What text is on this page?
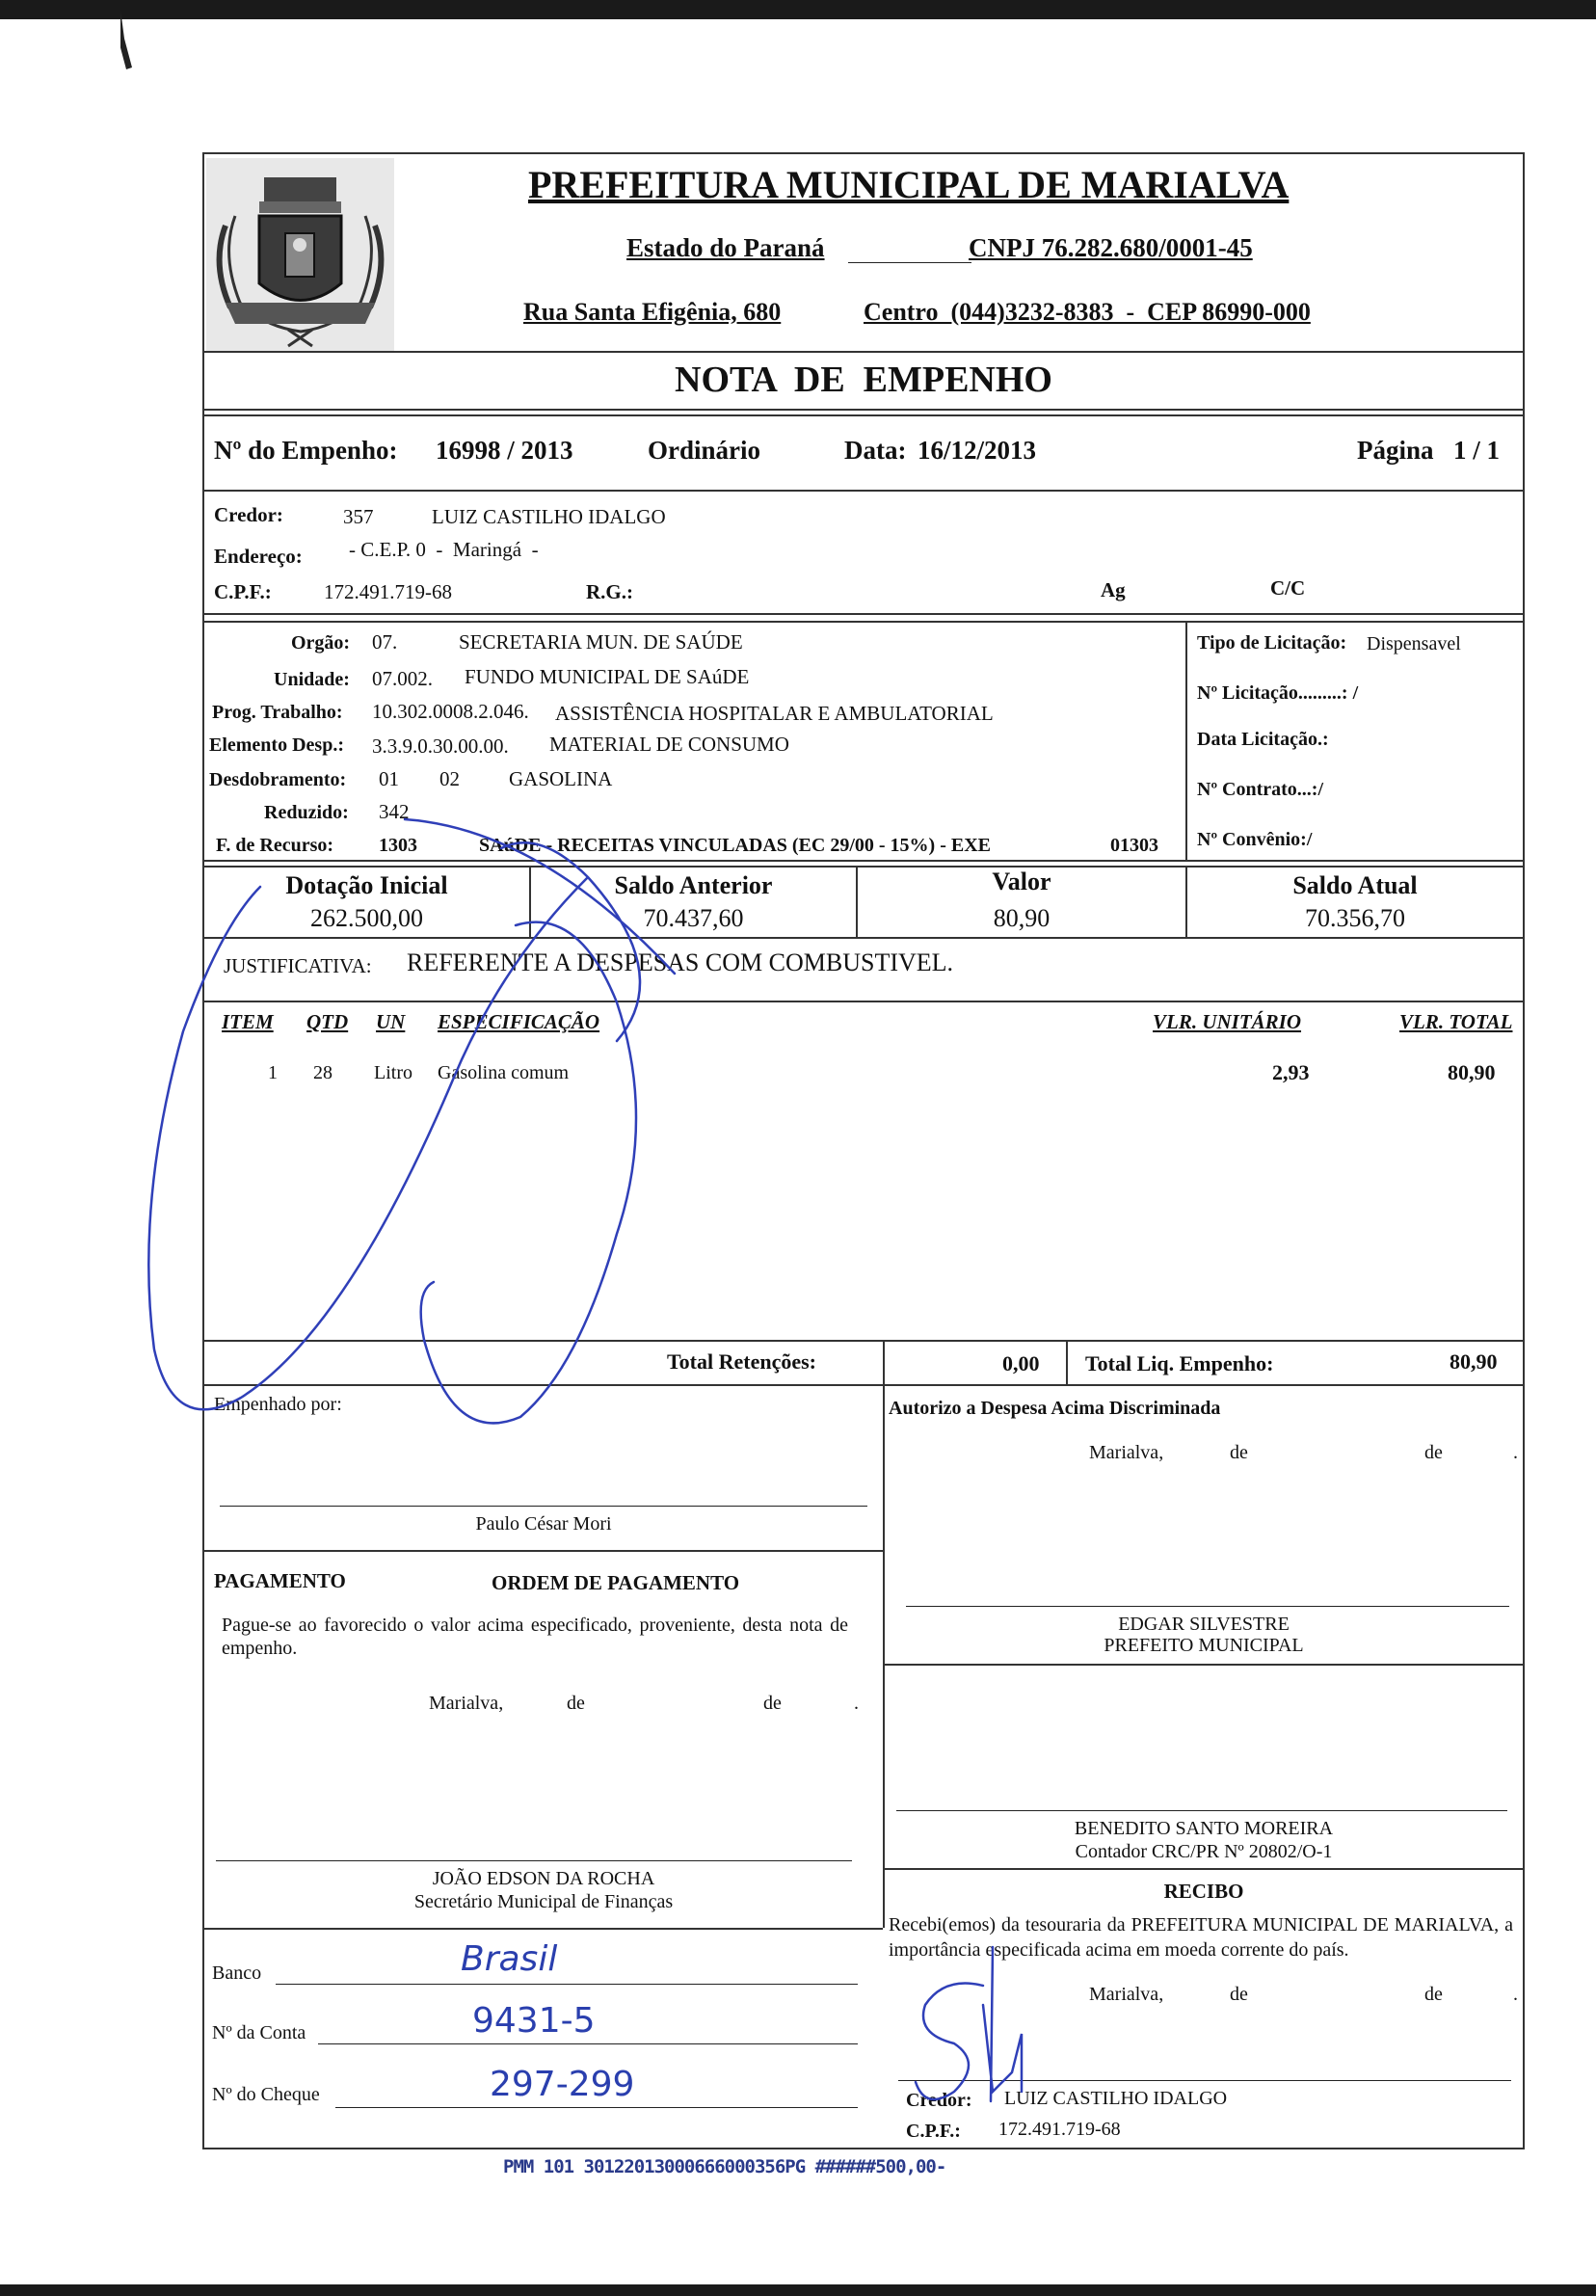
PREFEITURA MUNICIPAL DE MARIALVA
Estado do Paraná	CNPJ 76.282.680/0001-45
Rua Santa Efigênia, 680	Centro  (044)3232-8383  -  CEP 86990-000
NOTA  DE  EMPENHO
Nº do Empenho: 16998 / 2013	Ordinário	Data: 16/12/2013	Página 1 / 1
Credor:	357	LUIZ CASTILHO IDALGO
Endereço: - C.E.P. 0  -  Maringá  -
C.P.F.:	172.491.719-68	R.G.:	Ag	C/C
Orgão: 07.	SECRETARIA MUN. DE SAÚDE
Unidade: 07.002. FUNDO MUNICIPAL DE SAúDE
Prog. Trabalho: 10.302.0008.2.046. ASSISTÊNCIA HOSPITALAR E AMBULATORIAL
Elemento Desp.: 3.3.9.0.30.00.00. MATERIAL DE CONSUMO
Desdobramento: 01 02 GASOLINA
Reduzido: 342
F. de Recurso: 1303	SAúDE - RECEITAS VINCULADAS (EC 29/00 - 15%) - EXE	01303
Tipo de Licitação: Dispensavel
Nº Licitação.........: /
Data Licitação.:
Nº Contrato...:/
Nº Convênio:/
Dotação Inicial
262.500,00
Saldo Anterior
70.437,60
Valor
80,90
Saldo Atual
70.356,70
JUSTIFICATIVA: REFERENTE A DESPESAS COM COMBUSTIVEL.
ITEM QTD UN ESPECIFICAÇÃO	VLR. UNITÁRIO	VLR. TOTAL
1 28 Litro Gasolina comum	2,93	80,90
Total Retenções:	0,00 Total Liq. Empenho:	80,90
Empenhado por:
Paulo César Mori
Autorizo a Despesa Acima Discriminada
Marialva,	de	de	.
EDGAR SILVESTRE
PREFEITO MUNICIPAL
PAGAMENTO	ORDEM DE PAGAMENTO
Pague-se ao favorecido o valor acima especificado, proveniente, desta nota de empenho.
Marialva,	de	de	.
JOÃO EDSON DA ROCHA
Secretário Municipal de Finanças
BENEDITO SANTO MOREIRA
Contador CRC/PR Nº 20802/O-1
RECIBO
Recebi(emos) da tesouraria da PREFEITURA MUNICIPAL DE MARIALVA, a importância especificada acima em moeda corrente do país.
Marialva,	de	de	.
Credor: LUIZ CASTILHO IDALGO
C.P.F.: 172.491.719-68
Banco	Brasil
Nº da Conta	9431-5
Nº do Cheque	297-299
PMM 101 30122013000666000356PG ######500,00-
